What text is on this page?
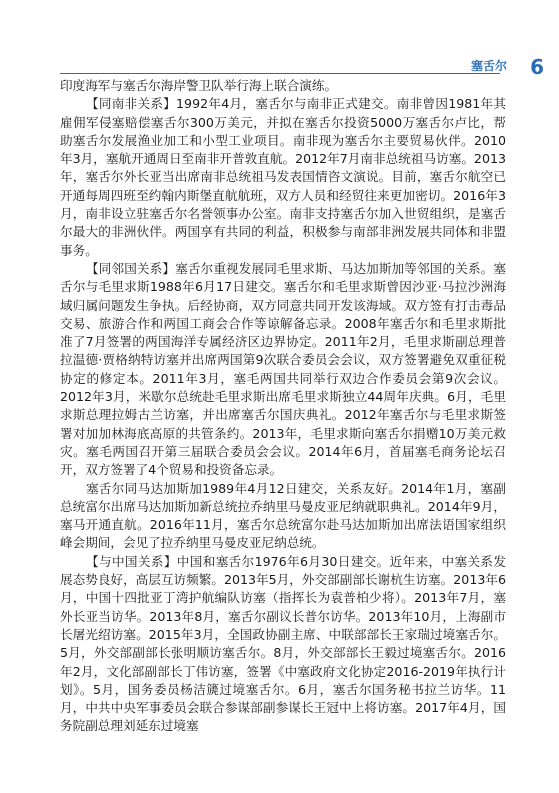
塞舌尔 6

印度海军与塞舌尔海岸警卫队举行海上联合演练。

【同南非关系】1992年4月，塞舌尔与南非正式建交。南非曾因1981年其雇佣军侵塞赔偿塞舌尔300万美元，并拟在塞舌尔投资5000万塞舌尔卢比，帮助塞舌尔发展渔业加工和小型工业项目。南非现为塞舌尔主要贸易伙伴。2010年3月，塞航开通周日至南非开普敦直航。2012年7月南非总统祖马访塞。2013年，塞舌尔外长亚当出席南非总统祖马发表国情咨文演说。目前，塞舌尔航空已开通每周四班至约翰内斯堡直航航班，双方人员和经贸往来更加密切。2016年3月，南非设立驻塞舌尔名誉领事办公室。南非支持塞舌尔加入世贸组织，是塞舌尔最大的非洲伙伴。两国享有共同的利益，积极参与南部非洲发展共同体和非盟事务。

【同邻国关系】塞舌尔重视发展同毛里求斯、马达加斯加等邻国的关系。塞舌尔与毛里求斯1988年6月17日建交。塞舌尔和毛里求斯曾因沙亚·马拉沙洲海域归属问题发生争执。后经协商，双方同意共同开发该海域。双方签有打击毒品交易、旅游合作和两国工商会合作等谅解备忘录。2008年塞舌尔和毛里求斯批准了7月签署的两国海洋专属经济区边界协定。2011年2月，毛里求斯副总理普拉温德·贾格纳特访塞并出席两国第9次联合委员会会议，双方签署避免双重征税协定的修定本。2011年3月，塞毛两国共同举行双边合作委员会第9次会议。2012年3月，米歇尔总统赴毛里求斯出席毛里求斯独立44周年庆典。6月，毛里求斯总理拉姆古兰访塞，并出席塞舌尔国庆典礼。2012年塞舌尔与毛里求斯签署对加加林海底高原的共管条约。2013年，毛里求斯向塞舌尔捐赠10万美元救灾。塞毛两国召开第三届联合委员会会议。2014年6月，首届塞毛商务论坛召开，双方签署了4个贸易和投资备忘录。

塞舌尔同马达加斯加1989年4月12日建交，关系友好。2014年1月，塞副总统富尔出席马达加斯加新总统拉乔纳里马曼皮亚尼纳就职典礼。2014年9月，塞马开通直航。2016年11月，塞舌尔总统富尔赴马达加斯加出席法语国家组织峰会期间，会见了拉乔纳里马曼皮亚尼纳总统。

【与中国关系】中国和塞舌尔1976年6月30日建交。近年来，中塞关系发展态势良好，高层互访频繁。2013年5月，外交部副部长谢杭生访塞。2013年6月，中国十四批亚丁湾护航编队访塞（指挥长为袁普柏少将）。2013年7月，塞外长亚当访华。2013年8月，塞舌尔副议长普尔访华。2013年10月，上海副市长屠光绍访塞。2015年3月，全国政协副主席、中联部部长王家瑞过境塞舌尔。5月，外交部副部长张明顺访塞舌尔。8月，外交部部长王毅过境塞舌尔。2016年2月，文化部副部长丁伟访塞，签署《中塞政府文化协定2016-2019年执行计划》。5月，国务委员杨洁篪过境塞舌尔。6月，塞舌尔国务秘书拉兰访华。11月，中共中央军事委员会联合参谋部副参谋长王冠中上将访塞。2017年4月，国务院副总理刘延东过境塞
